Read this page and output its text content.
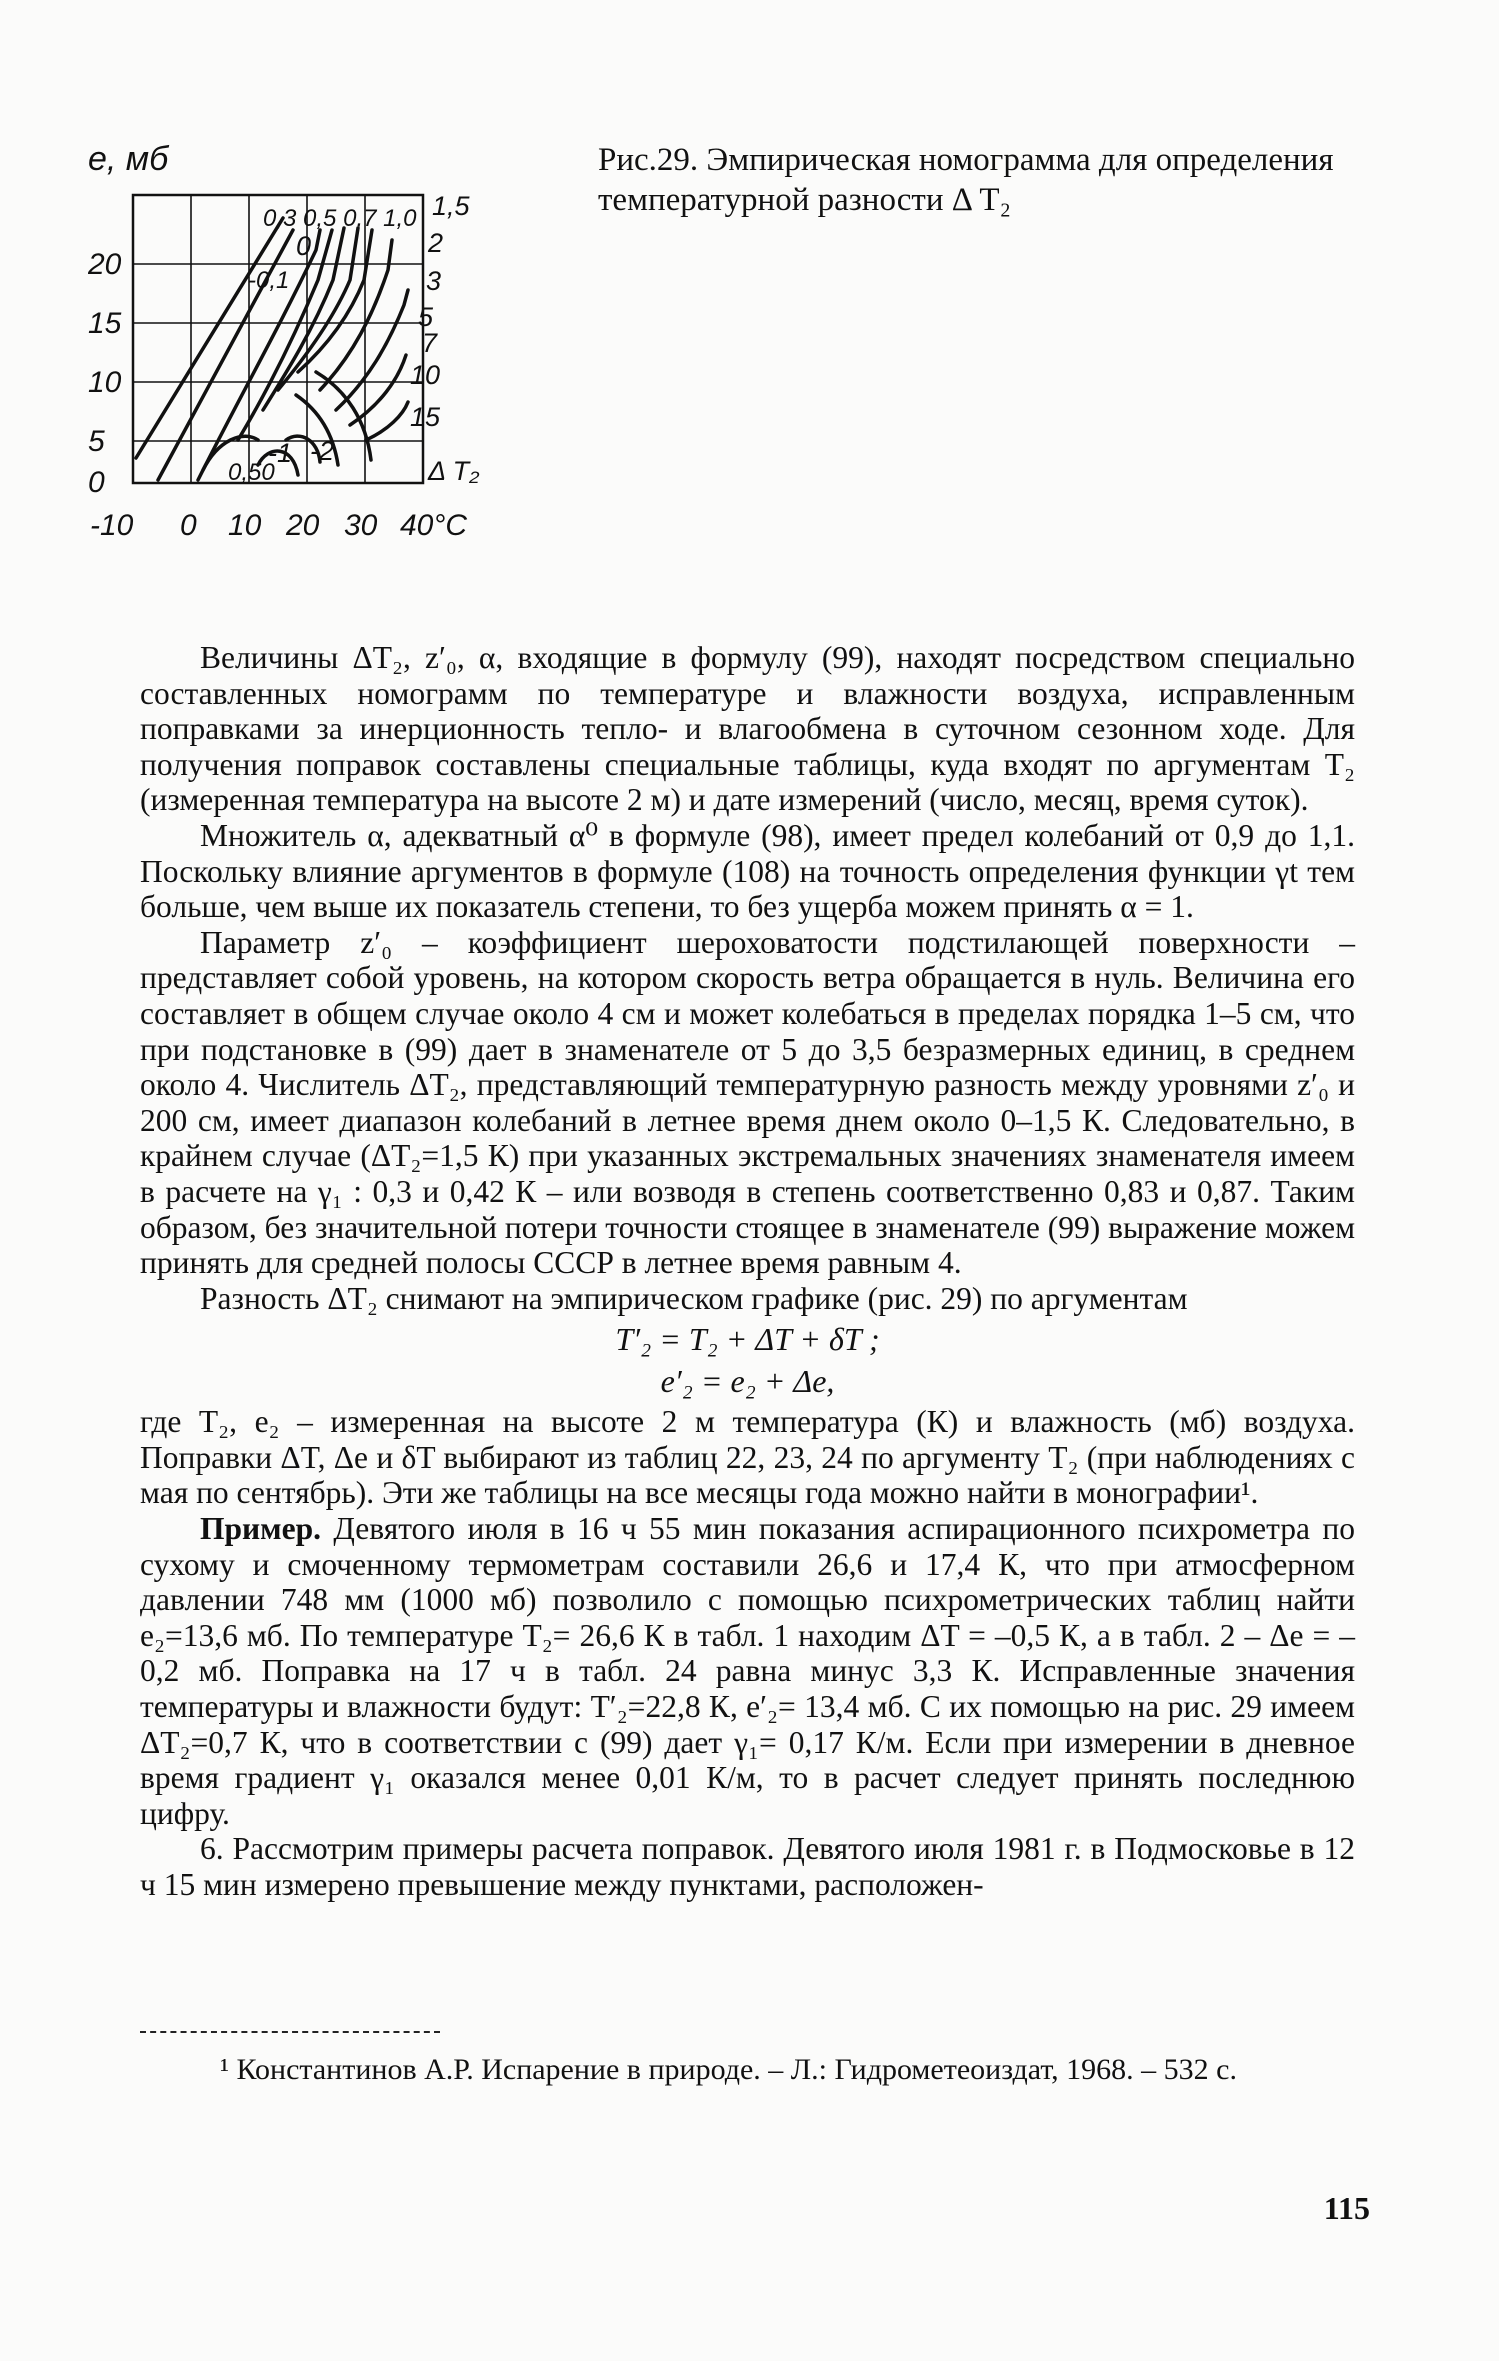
e, мб
20
15
10
5
0
-10 0 10 20 30 40°C
0,3 0,5 0,7 1,0
0
-0,1
1,5
2
3
5
7
10
15
-1 -2
0,50	Δ T₂

Рис.29. Эмпирическая номограмма для определения температурной разности Δ T₂

Величины ΔT₂, z′₀, α, входящие в формулу (99), находят посредством специально составленных номограмм по температуре и влажности воздуха, исправленным поправками за инерционность тепло- и влагообмена в суточном сезонном ходе. Для получения поправок составлены специальные таблицы, куда входят по аргументам T₂ (измеренная температура на высоте 2 м) и дате измерений (число, месяц, время суток).

Множитель α, адекватный α⁰ в формуле (98), имеет предел колебаний от 0,9 до 1,1. Поскольку влияние аргументов в формуле (108) на точность определения функции γt тем больше, чем выше их показатель степени, то без ущерба можем принять α = 1.

Параметр z′₀ – коэффициент шероховатости подстилающей поверхности – представляет собой уровень, на котором скорость ветра обращается в нуль. Величина его составляет в общем случае около 4 см и может колебаться в пределах порядка 1–5 см, что при подстановке в (99) дает в знаменателе от 5 до 3,5 безразмерных единиц, в среднем около 4. Числитель ΔT₂, представляющий температурную разность между уровнями z′₀ и 200 см, имеет диапазон колебаний в летнее время днем около 0–1,5 К. Следовательно, в крайнем случае (ΔT₂=1,5 К) при указанных экстремальных значениях знаменателя имеем в расчете на γ₁ : 0,3 и 0,42 К – или возводя в степень соответственно 0,83 и 0,87. Таким образом, без значительной потери точности стоящее в знаменателе (99) выражение можем принять для средней полосы СССР в летнее время равным 4.

Разность ΔT₂ снимают на эмпирическом графике (рис. 29) по аргументам

T′₂ = T₂ + ΔT + δT ;
e′₂ = e₂ + Δe,

где T₂, e₂ – измеренная на высоте 2 м температура (К) и влажность (мб) воздуха. Поправки ΔT, Δe и δT выбирают из таблиц 22, 23, 24 по аргументу T₂ (при наблюдениях с мая по сентябрь). Эти же таблицы на все месяцы года можно найти в монографии¹.

Пример. Девятого июля в 16 ч 55 мин показания аспирационного психрометра по сухому и смоченному термометрам составили 26,6 и 17,4 К, что при атмосферном давлении 748 мм (1000 мб) позволило с помощью психрометрических таблиц найти e₂=13,6 мб. По температуре T₂= 26,6 К в табл. 1 находим ΔT = –0,5 К, а в табл. 2 – Δe = – 0,2 мб. Поправка на 17 ч в табл. 24 равна минус 3,3 К. Исправленные значения температуры и влажности будут: T′₂=22,8 К, e′₂= 13,4 мб. С их помощью на рис. 29 имеем ΔT₂=0,7 К, что в соответствии с (99) дает γ₁= 0,17 К/м. Если при измерении в дневное время градиент γ₁ оказался менее 0,01 К/м, то в расчет следует принять последнюю цифру.

6. Рассмотрим примеры расчета поправок. Девятого июля 1981 г. в Подмосковье в 12 ч 15 мин измерено превышение между пунктами, расположен-

¹ Константинов А.Р. Испарение в природе. – Л.: Гидрометеоиздат, 1968. – 532 с.

115
